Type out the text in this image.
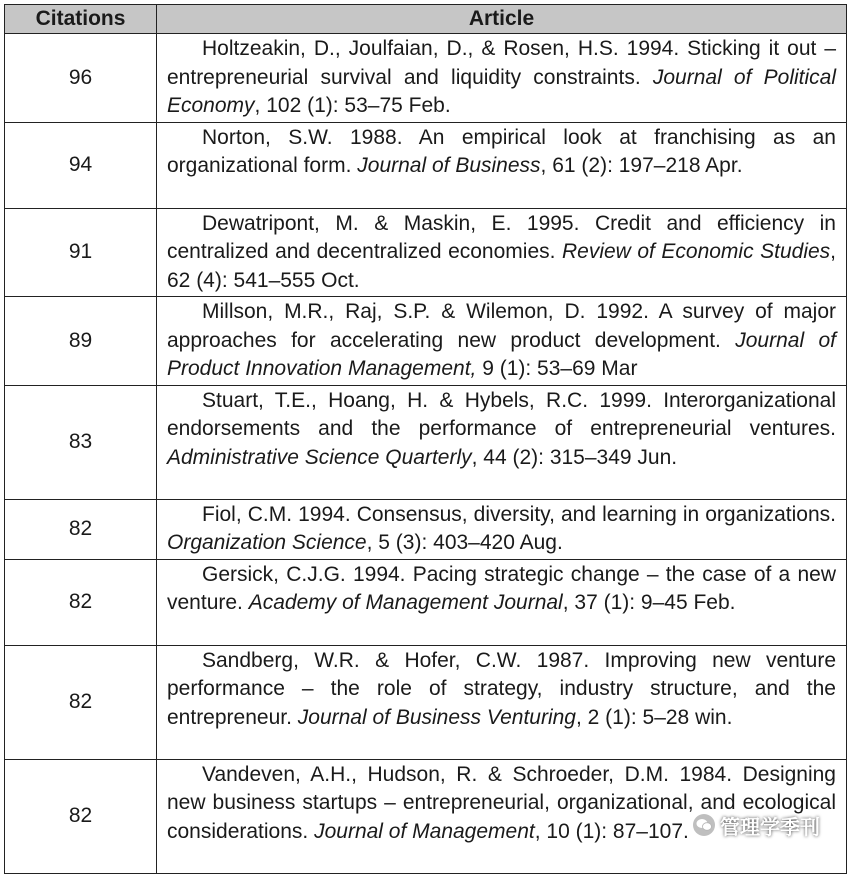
Citations	Article
96	Holtzeakin, D., Joulfaian, D., & Rosen, H.S. 1994. Sticking it out – entrepreneurial survival and liquidity constraints. Journal of Political Economy, 102 (1): 53–75 Feb.

94	Norton, S.W. 1988. An empirical look at franchising as an organizational form. Journal of Business, 61 (2): 197–218 Apr.

91	Dewatripont, M. & Maskin, E. 1995. Credit and efficiency in centralized and decentralized economies. Review of Economic Studies, 62 (4): 541–555 Oct.

89	Millson, M.R., Raj, S.P. & Wilemon, D. 1992. A survey of major approaches for accelerating new product development. Journal of Product Innovation Management, 9 (1): 53–69 Mar

83	Stuart, T.E., Hoang, H. & Hybels, R.C. 1999. Interorganizational endorsements and the performance of entrepreneurial ventures. Administrative Science Quarterly, 44 (2): 315–349 Jun.

82	Fiol, C.M. 1994. Consensus, diversity, and learning in organizations. Organization Science, 5 (3): 403–420 Aug.

82	Gersick, C.J.G. 1994. Pacing strategic change – the case of a new venture. Academy of Management Journal, 37 (1): 9–45 Feb.

82	Sandberg, W.R. & Hofer, C.W. 1987. Improving new venture performance – the role of strategy, industry structure, and the entrepreneur. Journal of Business Venturing, 2 (1): 5–28 win.

82	Vandeven, A.H., Hudson, R. & Schroeder, D.M. 1984. Designing new business startups – entrepreneurial, organizational, and ecological considerations. Journal of Management, 10 (1): 87–107.	管理学季刊
